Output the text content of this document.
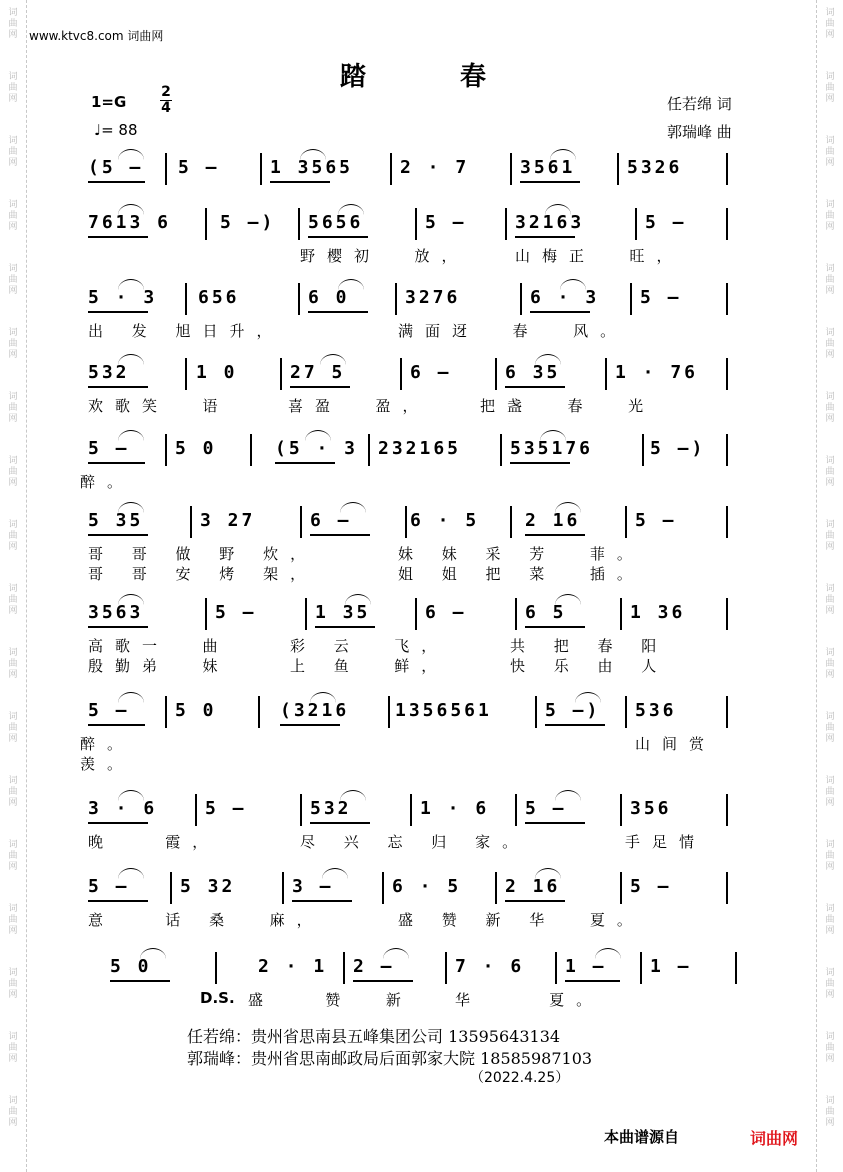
词
曲
网
词
曲
网
词
曲
网
词
曲
网
词
曲
网
词
曲
网
词
曲
网
词
曲
网
词
曲
网
词
曲
网
词
曲
网
词
曲
网
词
曲
网
词
曲
网
词
曲
网
词
曲
网
词
曲
网
词
曲
网
词
曲
网
词
曲
网
词
曲
网
词
曲
网
词
曲
网
词
曲
网
词
曲
网
词
曲
网
词
曲
网
词
曲
网
词
曲
网
词
曲
网
词
曲
网
词
曲
网
词
曲
网
词
曲
网
词
曲
网
词
曲
网
www.ktvc8.com 词曲网
踏春
1=G
2
4
♩= 88
任若绵 词
郭瑞峰 曲
(5 – 5 –	1 3565	2 · 7	3561	5326
7613 6	5 –) 5656	5 –	32163	5 –
野樱初  放，	山梅正  旺，
5 · 3 656	6 0	3276	6 · 3 5 –
出 发 旭日升，	满面迓  春  风。
532	1 0	27 5	6 –	6 35	1 · 76
欢歌笑  语	喜盈  盈，	把盏  春  光
5 –	5 0	(5 · 3 232165	535176	5 –)
醉。
5 35	3 27	6 –	6 · 5	2 16	5 –
哥 哥 做 野 炊，	妹 妹 采 芳  菲。
哥 哥 安 烤 架，	姐 姐 把 菜  插。
3563	5 –	1 35	6 –	6 5	1 36
高歌一  曲	彩 云  飞，	共 把 春 阳
殷勤弟  妹	上 鱼  鲜，	快 乐 由 人
5 –	5 0	(3216	1356561	5 –) 536
醉。	山间赏
羡。
3 · 6	5 –	532	1 · 6 5 –	356
晚   霞，	尽 兴 忘 归 家。	手足情
5 –	5 32	3 –	6 · 5 2 16	5 –
意   话 桑  麻，	盛 赞 新 华  夏。
5 0	2 · 1 2 –	7 · 6 1 – 1 –
盛   赞  新	华    夏。
D.S.
任若绵：贵州省思南县五峰集团公司 13595643134
郭瑞峰：贵州省思南邮政局后面郭家大院 18585987103
（2022.4.25）
本曲谱源自	词曲网
